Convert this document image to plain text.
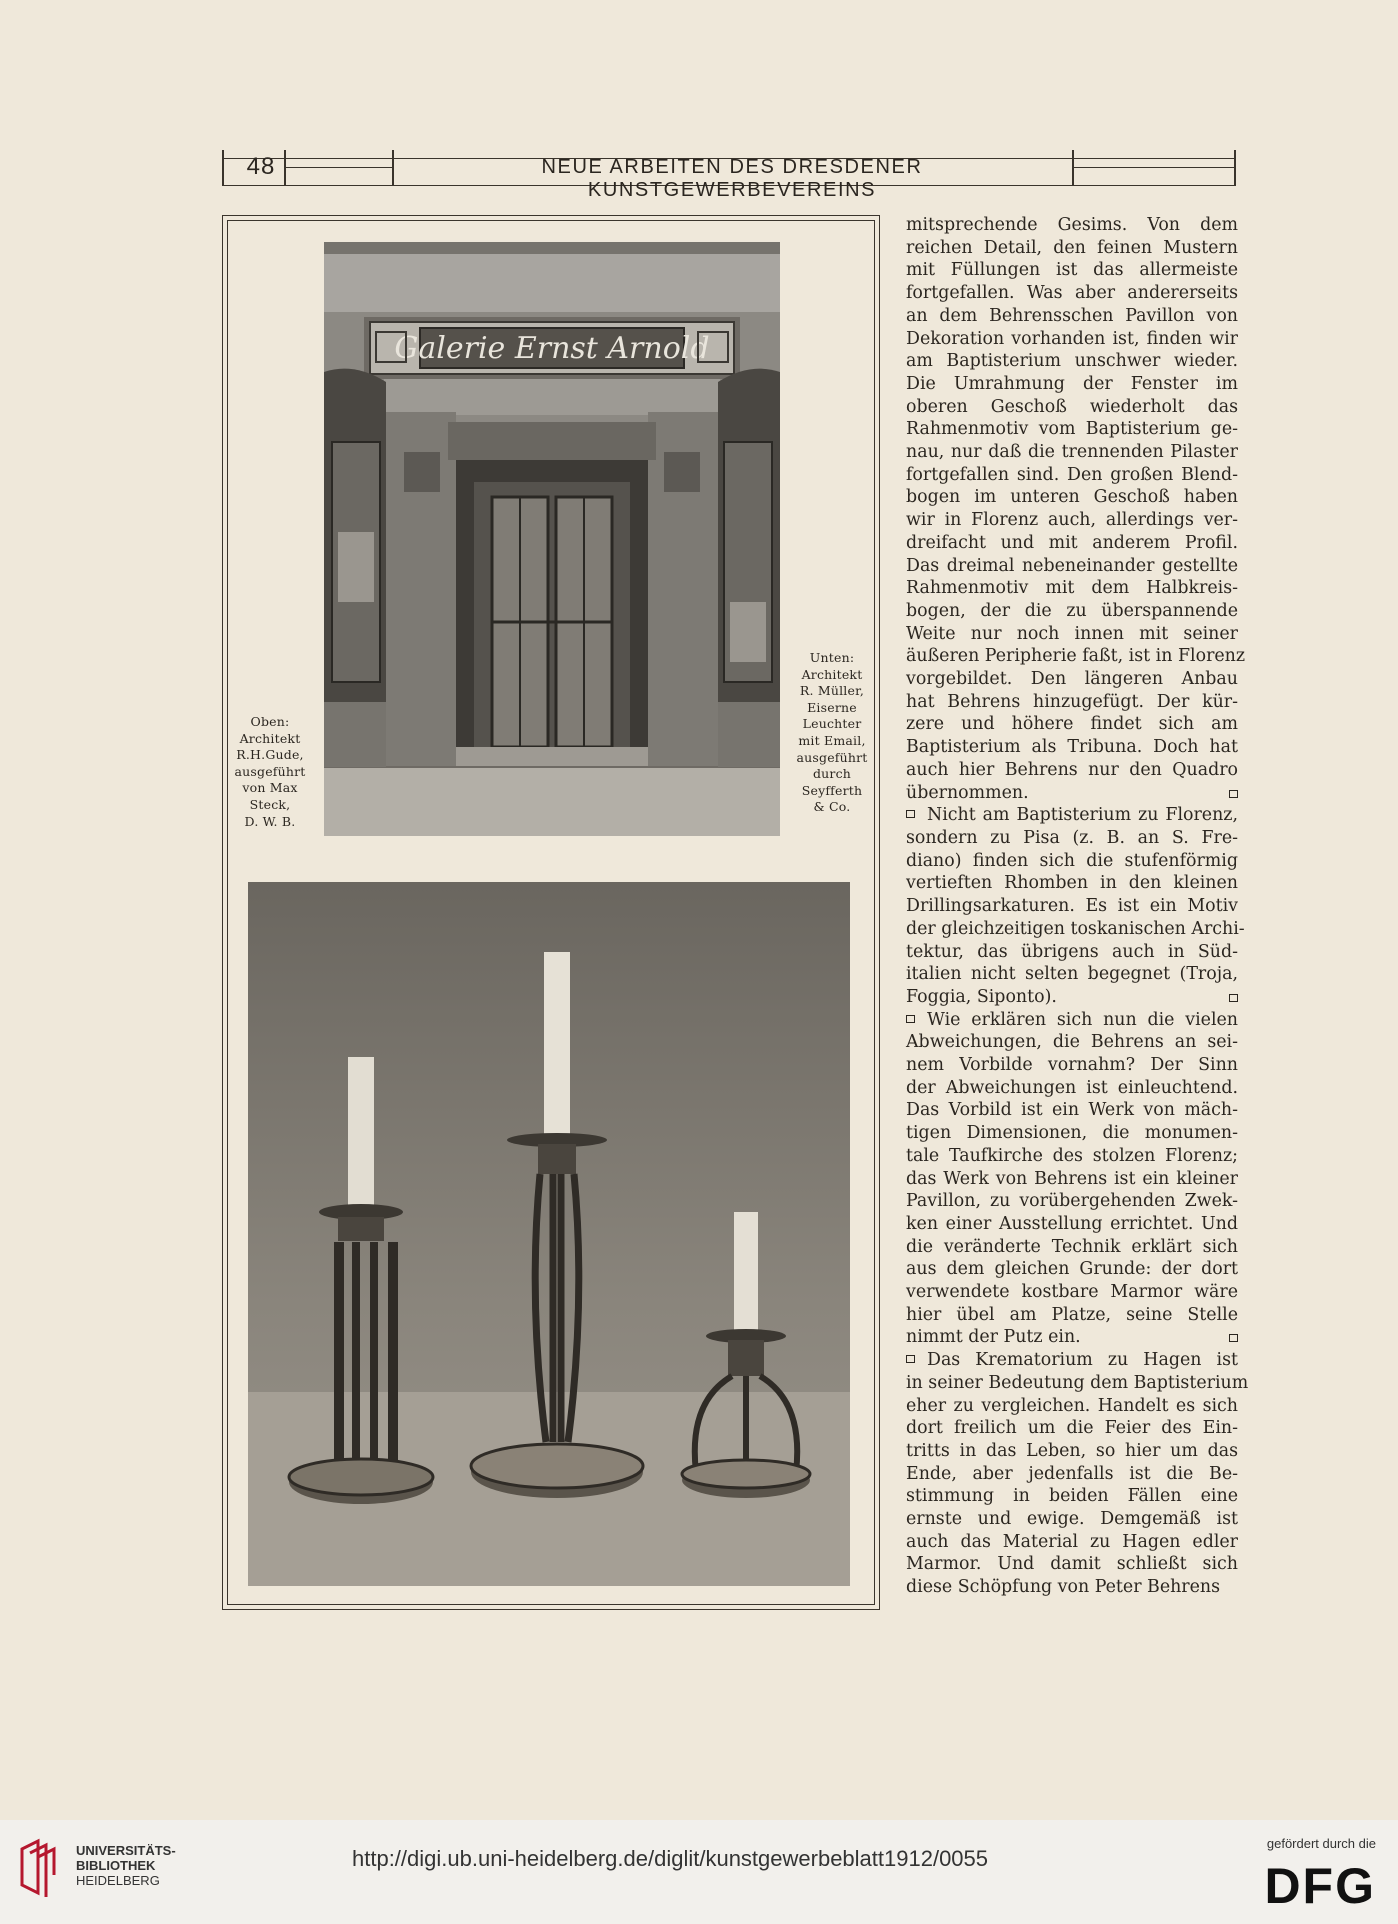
48	NEUE ARBEITEN DES DRESDENER KUNSTGEWERBEVEREINS
Galerie Ernst Arnold
Oben:
Architekt
R.H.Gude,
ausgeführt
von Max
Steck,
D. W. B.
Unten:
Architekt
R. Müller,
Eiserne
Leuchter
mit Email,
ausgeführt
durch
Seyfferth
& Co.
mitsprechende Gesims. Von dem
reichen Detail, den feinen Mustern
mit Füllungen ist das allermeiste
fortgefallen. Was aber andererseits
an dem Behrensschen Pavillon von
Dekoration vorhanden ist, finden wir
am Baptisterium unschwer wieder.
Die Umrahmung der Fenster im
oberen Geschoß wiederholt das
Rahmenmotiv vom Baptisterium ge-
nau, nur daß die trennenden Pilaster
fortgefallen sind. Den großen Blend-
bogen im unteren Geschoß haben
wir in Florenz auch, allerdings ver-
dreifacht und mit anderem Profil.
Das dreimal nebeneinander gestellte
Rahmenmotiv mit dem Halbkreis-
bogen, der die zu überspannende
Weite nur noch innen mit seiner
äußeren Peripherie faßt, ist in Florenz
vorgebildet. Den längeren Anbau
hat Behrens hinzugefügt. Der kür-
zere und höhere findet sich am
Baptisterium als Tribuna. Doch hat
auch hier Behrens nur den Quadro
übernommen.
Nicht am Baptisterium zu Florenz,
sondern zu Pisa (z. B. an S. Fre-
diano) finden sich die stufenförmig
vertieften Rhomben in den kleinen
Drillingsarkaturen. Es ist ein Motiv
der gleichzeitigen toskanischen Archi-
tektur, das übrigens auch in Süd-
italien nicht selten begegnet (Troja,
Foggia, Siponto).
Wie erklären sich nun die vielen
Abweichungen, die Behrens an sei-
nem Vorbilde vornahm? Der Sinn
der Abweichungen ist einleuchtend.
Das Vorbild ist ein Werk von mäch-
tigen Dimensionen, die monumen-
tale Taufkirche des stolzen Florenz;
das Werk von Behrens ist ein kleiner
Pavillon, zu vorübergehenden Zwek-
ken einer Ausstellung errichtet. Und
die veränderte Technik erklärt sich
aus dem gleichen Grunde: der dort
verwendete kostbare Marmor wäre
hier übel am Platze, seine Stelle
nimmt der Putz ein.
Das Krematorium zu Hagen ist
in seiner Bedeutung dem Baptisterium
eher zu vergleichen. Handelt es sich
dort freilich um die Feier des Ein-
tritts in das Leben, so hier um das
Ende, aber jedenfalls ist die Be-
stimmung in beiden Fällen eine
ernste und ewige. Demgemäß ist
auch das Material zu Hagen edler
Marmor. Und damit schließt sich
diese Schöpfung von Peter Behrens
UNIVERSITÄTS-
BIBLIOTHEK
HEIDELBERG
http://digi.ub.uni-heidelberg.de/diglit/kunstgewerbeblatt1912/0055
gefördert durch die
DFG
